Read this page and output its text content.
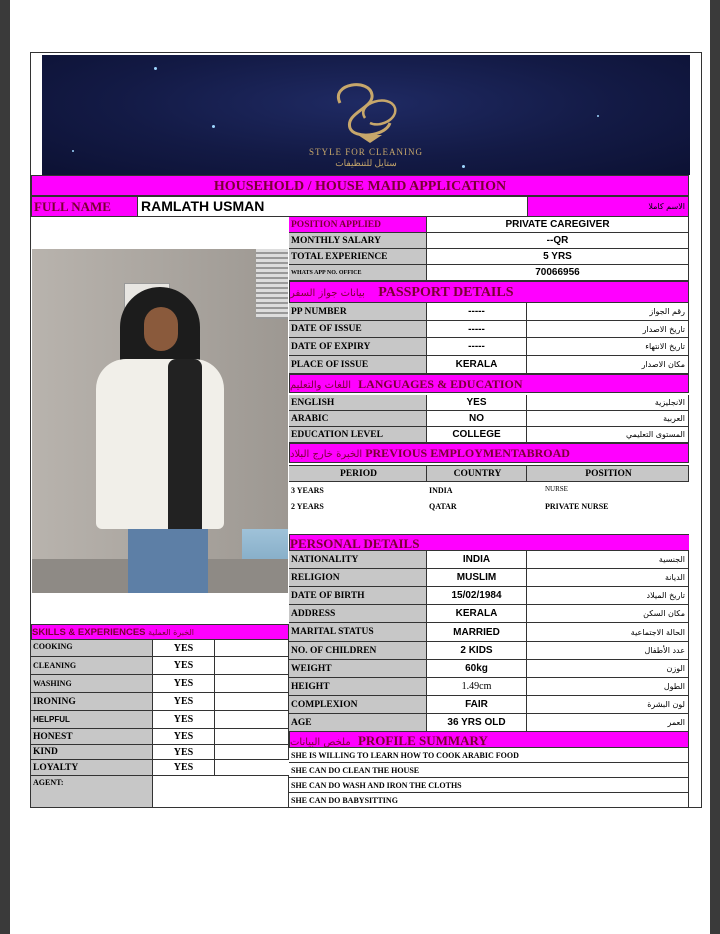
STYLE FOR CLEANING
ستايل للتنظيفات
HOUSEHOLD / HOUSE MAID APPLICATION
FULL NAME	RAMLATH USMAN	الاسم كاملا
POSITION APPLIED	PRIVATE CAREGIVER
MONTHLY SALARY	--QR
TOTAL EXPERIENCE	5 YRS
WHATS APP NO. OFFICE	70066956
بيانات جواز السفر PASSPORT DETAILS
PP NUMBER	-----	رقم الجواز
DATE OF ISSUE	-----	تاريخ الاصدار
DATE OF EXPIRY	-----	تاريخ الانتهاء
PLACE OF ISSUE	KERALA	مكان الاصدار
اللغات والتعليم LANGUAGES & EDUCATION
ENGLISH	YES	الانجليزية
ARABIC	NO	العربية
EDUCATION LEVEL	COLLEGE	المستوى التعليمي
الخبرة خارج البلاد PREVIOUS EMPLOYMENTABROAD
PERIOD	COUNTRY	POSITION
3 YEARS	INDIA	NURSE
2 YEARS	QATAR	PRIVATE NURSE
PERSONAL DETAILS
NATIONALITY	INDIA	الجنسية
RELIGION	MUSLIM	الديانة
DATE OF BIRTH	15/02/1984	تاريخ الميلاد
ADDRESS	KERALA	مكان السكن
MARITAL STATUS	MARRIED	الحالة الاجتماعية
NO. OF CHILDREN	2 KIDS	عدد الأطفال
WEIGHT	60kg	الوزن
HEIGHT	1.49cm	الطول
COMPLEXION	FAIR	لون البشرة
AGE	36 YRS OLD	العمر
ملخص البيانات PROFILE SUMMARY
SHE IS WILLING TO LEARN HOW TO COOK ARABIC FOOD
SHE CAN DO CLEAN THE HOUSE
SHE CAN DO WASH AND IRON THE CLOTHS
SHE CAN DO BABYSITTING
SKILLS & EXPERIENCES الخبرة العملية
COOKING	YES
CLEANING	YES
WASHING	YES
IRONING	YES
HELPFUL	YES
HONEST	YES
KIND	YES
LOYALTY	YES
AGENT:
